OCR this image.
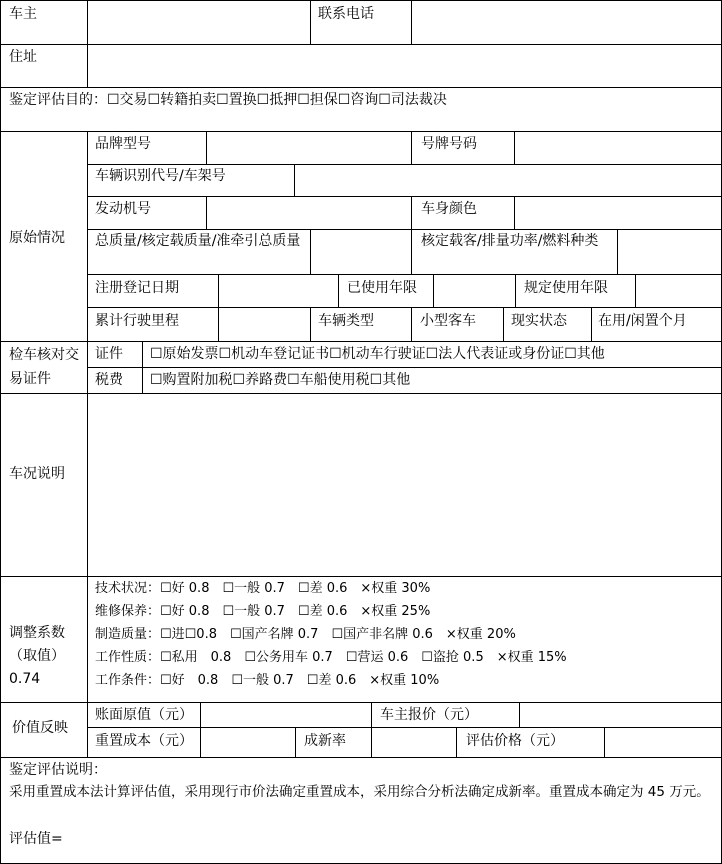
车主	联系电话
住址
鉴定评估目的：☐交易☐转籍拍卖☐置换☐抵押☐担保☐咨询☐司法裁决
原始情况
品牌型号	号牌号码
车辆识别代号/车架号
发动机号	车身颜色
总质量/核定载质量/准牵引总质量	核定载客/排量功率/燃料种类
注册登记日期	已使用年限	规定使用年限
累计行驶里程	车辆类型	小型客车	现实状态 在用/闲置个月
检车核对交易证件
证件 ☐原始发票☐机动车登记证书☐机动车行驶证☐法人代表证或身份证☐其他
税费 ☐购置附加税☐养路费☐车船使用税☐其他
车况说明
调整系数（取值）0.74
技术状况：☐好 0.8　☐一般 0.7　☐差 0.6　×权重 30%
维修保养：☐好 0.8　☐一般 0.7　☐差 0.6　×权重 25%
制造质量：☐进☐0.8　☐国产名牌 0.7　☐国产非名牌 0.6　×权重 20%
工作性质：☐私用　0.8　☐公务用车 0.7　☐营运 0.6　☐盗抢 0.5　×权重 15%
工作条件：☐好　0.8　☐一般 0.7　☐差 0.6　×权重 10%
价值反映
账面原值（元）	车主报价（元）
重置成本（元）	成新率	评估价格（元）
鉴定评估说明：
采用重置成本法计算评估值，采用现行市价法确定重置成本，采用综合分析法确定成新率。重置成本确定为 45 万元。
评估值=
